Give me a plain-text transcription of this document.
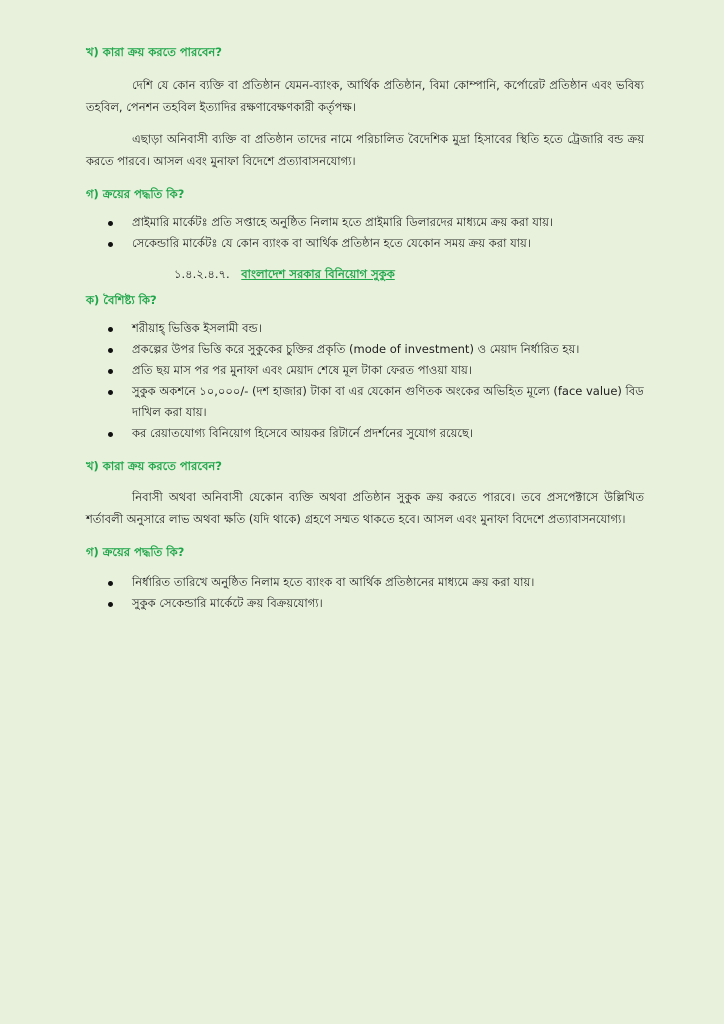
খ) কারা ক্রয় করতে পারবেন?

দেশি যে কোন ব্যক্তি বা প্রতিষ্ঠান যেমন-ব্যাংক, আর্থিক প্রতিষ্ঠান, বিমা কোম্পানি, কর্পোরেট প্রতিষ্ঠান এবং ভবিষ্য তহবিল, পেনশন তহবিল ইত্যাদির রক্ষণাবেক্ষণকারী কর্তৃপক্ষ।

এছাড়া অনিবাসী ব্যক্তি বা প্রতিষ্ঠান তাদের নামে পরিচালিত বৈদেশিক মুদ্রা হিসাবের স্থিতি হতে ট্রেজারি বন্ড ক্রয় করতে পারবে। আসল এবং মুনাফা বিদেশে প্রত্যাবাসনযোগ্য।

গ) ক্রয়ের পদ্ধতি কি?

প্রাইমারি মার্কেটঃ প্রতি সপ্তাহে অনুষ্ঠিত নিলাম হতে প্রাইমারি ডিলারদের মাধ্যমে ক্রয় করা যায়।
সেকেন্ডারি মার্কেটঃ যে কোন ব্যাংক বা আর্থিক প্রতিষ্ঠান হতে যেকোন সময় ক্রয় করা যায়।
১.৪.২.৪.৭. বাংলাদেশ সরকার বিনিয়োগ সুকুক

ক) বৈশিষ্ট্য কি?

শরীয়াহ্ ভিত্তিক ইসলামী বন্ড।
প্রকল্পের উপর ভিত্তি করে সুকুকের চুক্তির প্রকৃতি (mode of investment) ও মেয়াদ নির্ধারিত হয়।
প্রতি ছয় মাস পর পর মুনাফা এবং মেয়াদ শেষে মূল টাকা ফেরত পাওয়া যায়।
সুকুক অকশনে ১০,০০০/- (দশ হাজার) টাকা বা এর যেকোন গুণিতক অংকের অভিহিত মূল্যে (face value) বিড দাখিল করা যায়।
কর রেয়াতযোগ্য বিনিয়োগ হিসেবে আয়কর রিটার্নে প্রদর্শনের সুযোগ রয়েছে।

খ) কারা ক্রয় করতে পারবেন?

নিবাসী অথবা অনিবাসী যেকোন ব্যক্তি অথবা প্রতিষ্ঠান সুকুক ক্রয় করতে পারবে। তবে প্রসপেক্টাসে উল্লিখিত শর্তাবলী অনুসারে লাভ অথবা ক্ষতি (যদি থাকে) গ্রহণে সম্মত থাকতে হবে। আসল এবং মুনাফা বিদেশে প্রত্যাবাসনযোগ্য।

গ) ক্রয়ের পদ্ধতি কি?

নির্ধারিত তারিখে অনুষ্ঠিত নিলাম হতে ব্যাংক বা আর্থিক প্রতিষ্ঠানের মাধ্যমে ক্রয় করা যায়।
সুকুক সেকেন্ডারি মার্কেটে ক্রয় বিক্রয়যোগ্য।
